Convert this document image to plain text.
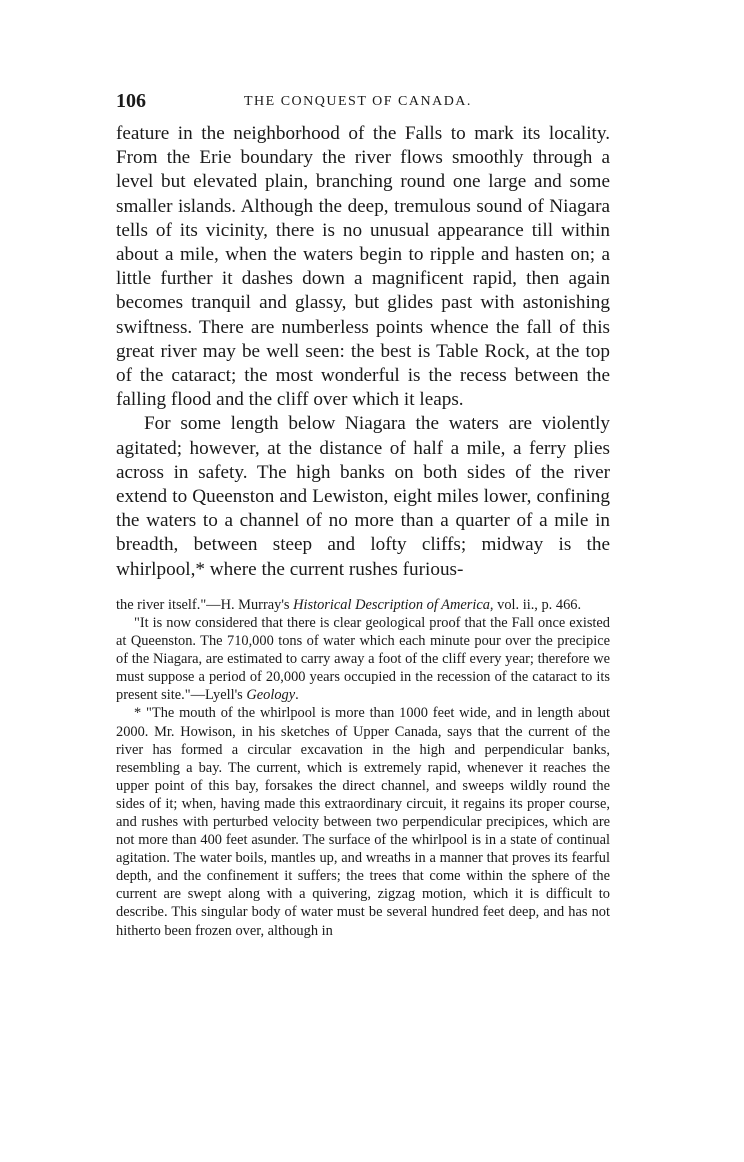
106	THE CONQUEST OF CANADA.

feature in the neighborhood of the Falls to mark its locality. From the Erie boundary the river flows smoothly through a level but elevated plain, branching round one large and some smaller islands. Although the deep, tremulous sound of Niagara tells of its vicinity, there is no unusual appearance till within about a mile, when the waters begin to ripple and hasten on; a little further it dashes down a magnificent rapid, then again becomes tranquil and glassy, but glides past with astonishing swiftness. There are numberless points whence the fall of this great river may be well seen: the best is Table Rock, at the top of the cataract; the most wonderful is the recess between the falling flood and the cliff over which it leaps.

For some length below Niagara the waters are violently agitated; however, at the distance of half a mile, a ferry plies across in safety. The high banks on both sides of the river extend to Queenston and Lewiston, eight miles lower, confining the waters to a channel of no more than a quarter of a mile in breadth, between steep and lofty cliffs; midway is the whirlpool,* where the current rushes furious-

the river itself."—H. Murray's Historical Description of America, vol. ii., p. 466.

"It is now considered that there is clear geological proof that the Fall once existed at Queenston. The 710,000 tons of water which each minute pour over the precipice of the Niagara, are estimated to carry away a foot of the cliff every year; therefore we must suppose a period of 20,000 years occupied in the recession of the cataract to its present site."—Lyell's Geology.

* "The mouth of the whirlpool is more than 1000 feet wide, and in length about 2000. Mr. Howison, in his sketches of Upper Canada, says that the current of the river has formed a circular excavation in the high and perpendicular banks, resembling a bay. The current, which is extremely rapid, whenever it reaches the upper point of this bay, forsakes the direct channel, and sweeps wildly round the sides of it; when, having made this extraordinary circuit, it regains its proper course, and rushes with perturbed velocity between two perpendicular precipices, which are not more than 400 feet asunder. The surface of the whirlpool is in a state of continual agitation. The water boils, mantles up, and wreaths in a manner that proves its fearful depth, and the confinement it suffers; the trees that come within the sphere of the current are swept along with a quivering, zigzag motion, which it is difficult to describe. This singular body of water must be several hundred feet deep, and has not hitherto been frozen over, although in
